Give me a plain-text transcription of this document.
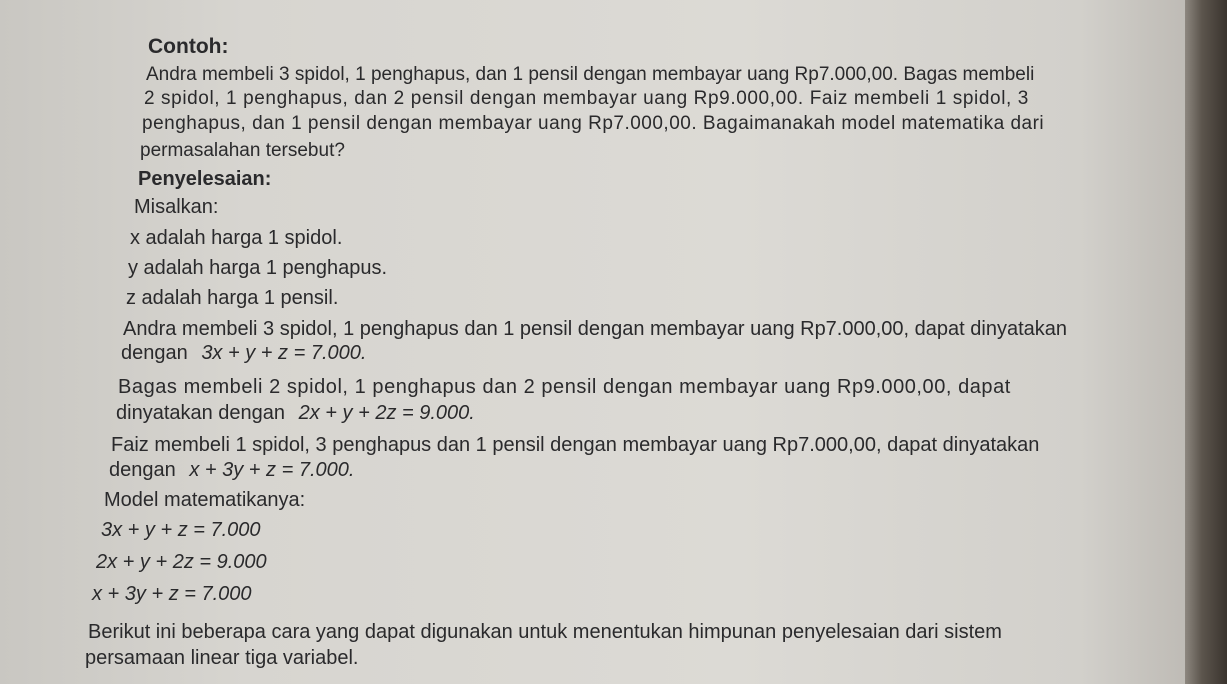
Contoh:
Andra membeli 3 spidol, 1 penghapus, dan 1 pensil dengan membayar uang Rp7.000,00. Bagas membeli
2 spidol, 1 penghapus, dan 2 pensil dengan membayar uang Rp9.000,00. Faiz membeli 1 spidol, 3
penghapus, dan 1 pensil dengan membayar uang Rp7.000,00. Bagaimanakah model matematika dari
permasalahan tersebut?
Penyelesaian:
Misalkan:
x adalah harga 1 spidol.
y adalah harga 1 penghapus.
z adalah harga 1 pensil.
Andra membeli 3 spidol, 1 penghapus dan 1 pensil dengan membayar uang Rp7.000,00, dapat dinyatakan
dengan 3x + y + z = 7.000.
Bagas membeli 2 spidol, 1 penghapus dan 2 pensil dengan membayar uang Rp9.000,00, dapat
dinyatakan dengan 2x + y + 2z = 9.000.
Faiz membeli 1 spidol, 3 penghapus dan 1 pensil dengan membayar uang Rp7.000,00, dapat dinyatakan
dengan x + 3y + z = 7.000.
Model matematikanya:
3x + y + z = 7.000
2x + y + 2z = 9.000
x + 3y + z = 7.000
Berikut ini beberapa cara yang dapat digunakan untuk menentukan himpunan penyelesaian dari sistem
persamaan linear tiga variabel.
